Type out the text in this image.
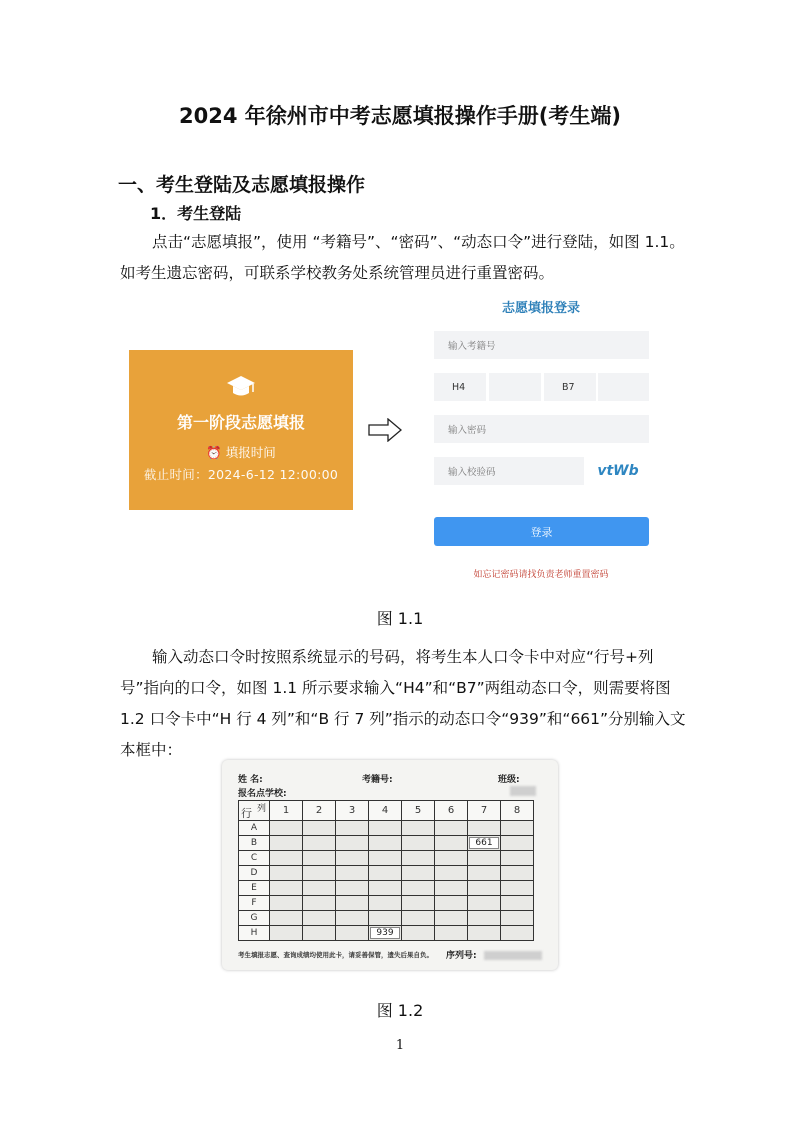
2024 年徐州市中考志愿填报操作手册(考生端)
一、考生登陆及志愿填报操作
1．考生登陆
点击“志愿填报”，使用 “考籍号”、“密码”、“动态口令”进行登陆，如图 1.1。如考生遗忘密码，可联系学校教务处系统管理员进行重置密码。
第一阶段志愿填报
⏰ 填报时间
截止时间：2024-6-12 12:00:00
志愿填报登录
输入考籍号
H4	B7
输入密码
输入校验码	vtWb
登录
如忘记密码请找负责老师重置密码
图 1.1
输入动态口令时按照系统显示的号码，将考生本人口令卡中对应“行号+列号”指向的口令，如图 1.1 所示要求输入“H4”和“B7”两组动态口令，则需要将图 1.2 口令卡中“H 行 4 列”和“B 行 7 列”指示的动态口令“939”和“661”分别输入文本框中：
姓 名:	考籍号:	班级:
报名点学校:
列
行	1	2	3	4	5	6	7	8
A								
B							661	
C								
D								
E								
F								
G								
H				939				
考生填报志愿、查询成绩均使用此卡，请妥善保管，遗失后果自负。 序列号:
图 1.2
1
